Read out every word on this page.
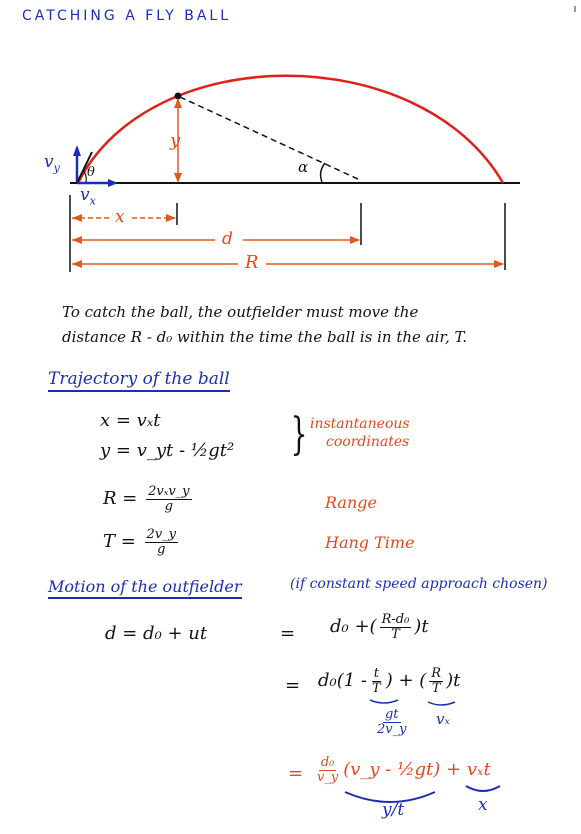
CATCHING A FLY BALL
$v_y$ θ
$v_x$
y
α
x
d
R
To catch the ball, the outfielder must move the
distance R - d₀ within the time the ball is in the air, T.
Trajectory of the ball
x = vₓt
y = v_yt - ½gt² } instantaneous
coordinates
$R = \frac{\text{2vₓv\_y}}{g}$	Range
$T = \frac{2v\_y}{g}$	Hang Time
Motion of the outfielder	(if constant speed approach chosen)
d = d₀ + ut	= d₀ +( $\frac{\text{R-d₀}}{T} )t$
= $d_0(1 - \frac{t}{T}$ ) + ( $\frac{R}{T} )t$
$\frac{gt}{2v\_y}$ vₓ
= $\frac{\text{d₀}}{v\_y}$ (v_y - ½gt) + vₓt
y/t	x
